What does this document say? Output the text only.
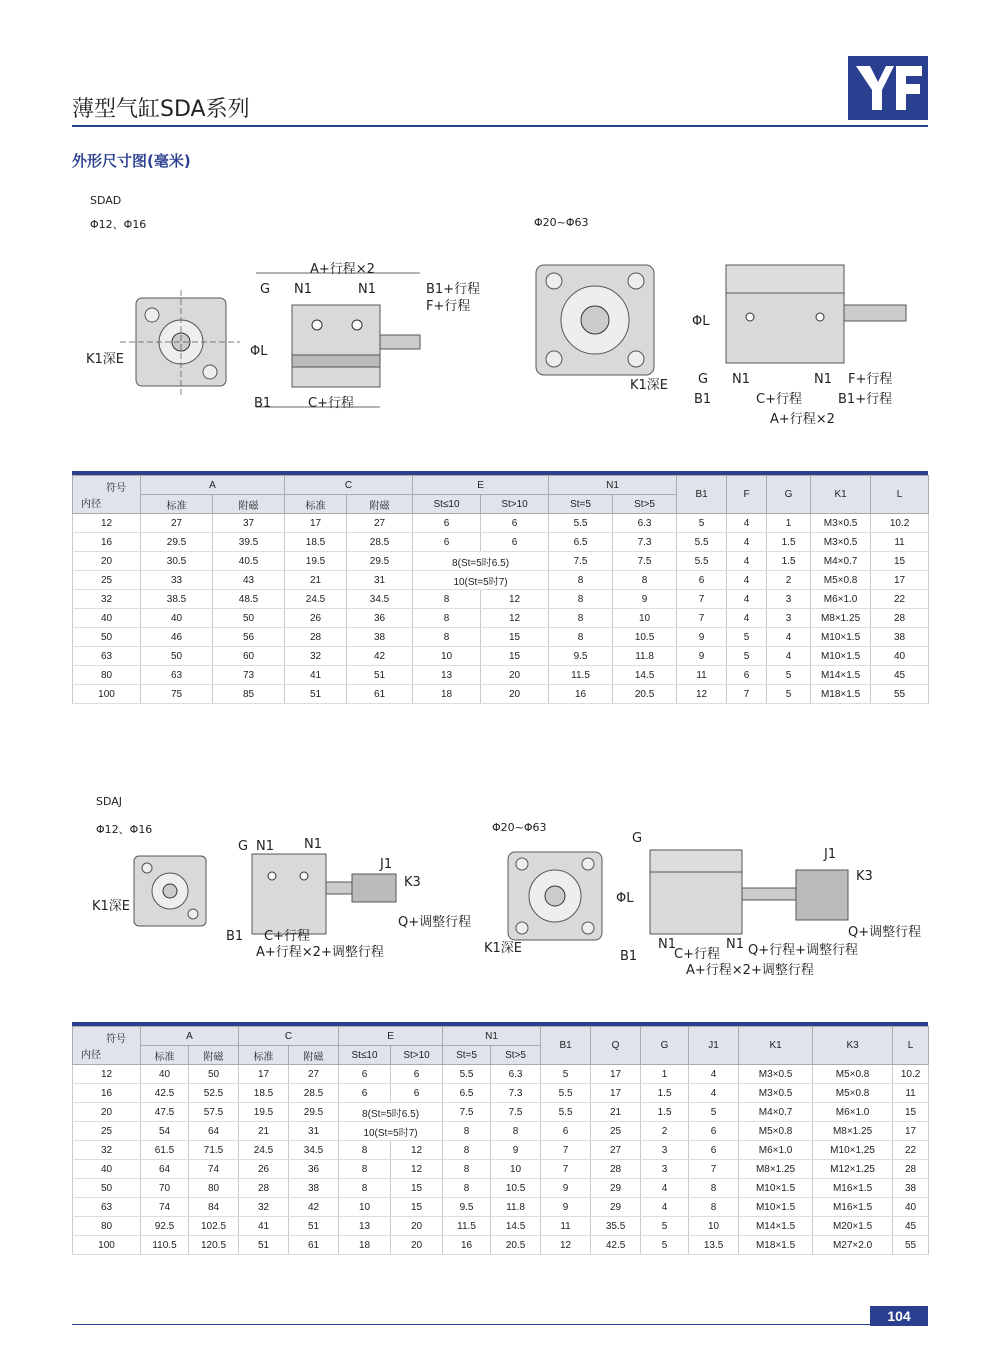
薄型气缸SDA系列
外形尺寸图(毫米)
SDAD
Φ12、Φ16	Φ20~Φ63
K1深E
A+行程×2
G N1	N1	B1+行程
F+行程
ΦL
B1	C+行程
K1深E
ΦL
G N1	N1 F+行程
B1	C+行程	B1+行程
A+行程×2
符号
内径	A		C		E		N1		B1	F	G	K1	L
	标准	附磁	标准	附磁	St≤10	St>10	St=5	St>5					
12	27	37	17	27	6	6	5.5	6.3	5	4	1	M3×0.5	10.2
16	29.5	39.5	18.5	28.5	6	6	6.5	7.3	5.5	4	1.5	M3×0.5	11
20	30.5	40.5	19.5	29.5	8(St=5时6.5)		7.5	7.5	5.5	4	1.5	M4×0.7	15
25	33	43	21	31	10(St=5时7)		8	8	6	4	2	M5×0.8	17
32	38.5	48.5	24.5	34.5	8	12	8	9	7	4	3	M6×1.0	22
40	40	50	26	36	8	12	8	10	7	4	3	M8×1.25	28
50	46	56	28	38	8	15	8	10.5	9	5	4	M10×1.5	38
63	50	60	32	42	10	15	9.5	11.8	9	5	4	M10×1.5	40
80	63	73	41	51	13	20	11.5	14.5	11	6	5	M14×1.5	45
100	75	85	51	61	18	20	16	20.5	12	7	5	M18×1.5	55
SDAJ
Φ12、Φ16	Φ20~Φ63
K1深E
G N1 N1
J1
K3
Q+调整行程
B1 C+行程
A+行程×2+调整行程	K1深E
G
ΦL
J1
K3
Q+调整行程
N1
C+行程
N1 Q+行程+调整行程
B1
A+行程×2+调整行程
符号
内径	A		C		E		N1		B1	Q	G	J1	K1	K3	L
	标准	附磁	标准	附磁	St≤10	St>10	St=5	St>5							
12	40	50	17	27	6	6	5.5	6.3	5	17	1	4	M3×0.5	M5×0.8	10.2
16	42.5	52.5	18.5	28.5	6	6	6.5	7.3	5.5	17	1.5	4	M3×0.5	M5×0.8	11
20	47.5	57.5	19.5	29.5	8(St=5时6.5)		7.5	7.5	5.5	21	1.5	5	M4×0.7	M6×1.0	15
25	54	64	21	31	10(St=5时7)		8	8	6	25	2	6	M5×0.8	M8×1.25	17
32	61.5	71.5	24.5	34.5	8	12	8	9	7	27	3	6	M6×1.0	M10×1.25	22
40	64	74	26	36	8	12	8	10	7	28	3	7	M8×1.25	M12×1.25	28
50	70	80	28	38	8	15	8	10.5	9	29	4	8	M10×1.5	M16×1.5	38
63	74	84	32	42	10	15	9.5	11.8	9	29	4	8	M10×1.5	M16×1.5	40
80	92.5	102.5	41	51	13	20	11.5	14.5	11	35.5	5	10	M14×1.5	M20×1.5	45
100	110.5	120.5	51	61	18	20	16	20.5	12	42.5	5	13.5	M18×1.5	M27×2.0	55
104
